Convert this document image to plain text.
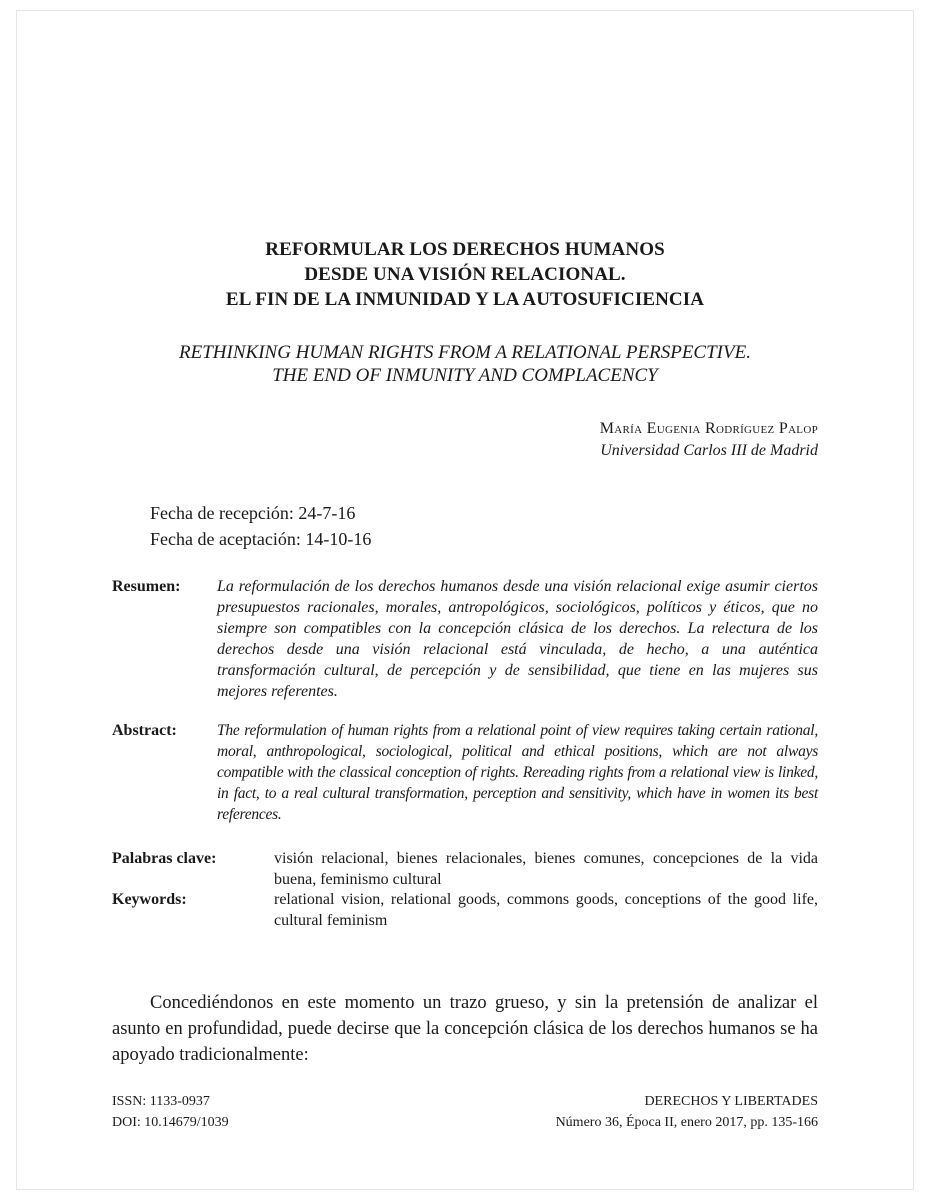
REFORMULAR LOS DERECHOS HUMANOS
DESDE UNA VISIÓN RELACIONAL.
EL FIN DE LA INMUNIDAD Y LA AUTOSUFICIENCIA
RETHINKING HUMAN RIGHTS FROM A RELATIONAL PERSPECTIVE.
THE END OF INMUNITY AND COMPLACENCY
María Eugenia Rodríguez Palop
Universidad Carlos III de Madrid
Fecha de recepción: 24-7-16
Fecha de aceptación: 14-10-16
Resumen: La reformulación de los derechos humanos desde una visión relacional exige asumir ciertos presupuestos racionales, morales, antropológicos, sociológicos, políticos y éticos, que no siempre son compatibles con la concepción clásica de los derechos. La relectura de los derechos desde una visión relacional está vinculada, de hecho, a una auténtica transformación cultural, de percepción y de sensibilidad, que tiene en las mujeres sus mejores referentes.
Abstract:	The reformulation of human rights from a relational point of view requires taking certain rational, moral, anthropological, sociological, political and ethical positions, which are not always compatible with the classical conception of rights. Rereading rights from a relational view is linked, in fact, to a real cultural transformation, perception and sensitivity, which have in women its best references.
Palabras clave:	visión relacional, bienes relacionales, bienes comunes, concepciones de la vida buena, feminismo cultural
Keywords:	relational vision, relational goods, commons goods, conceptions of the good life, cultural feminism
Concediéndonos en este momento un trazo grueso, y sin la pretensión de analizar el asunto en profundidad, puede decirse que la concepción clásica de los derechos humanos se ha apoyado tradicionalmente:
ISSN: 1133-0937
DOI: 10.14679/1039
DERECHOS Y LIBERTADES
Número 36, Época II, enero 2017, pp. 135-166
